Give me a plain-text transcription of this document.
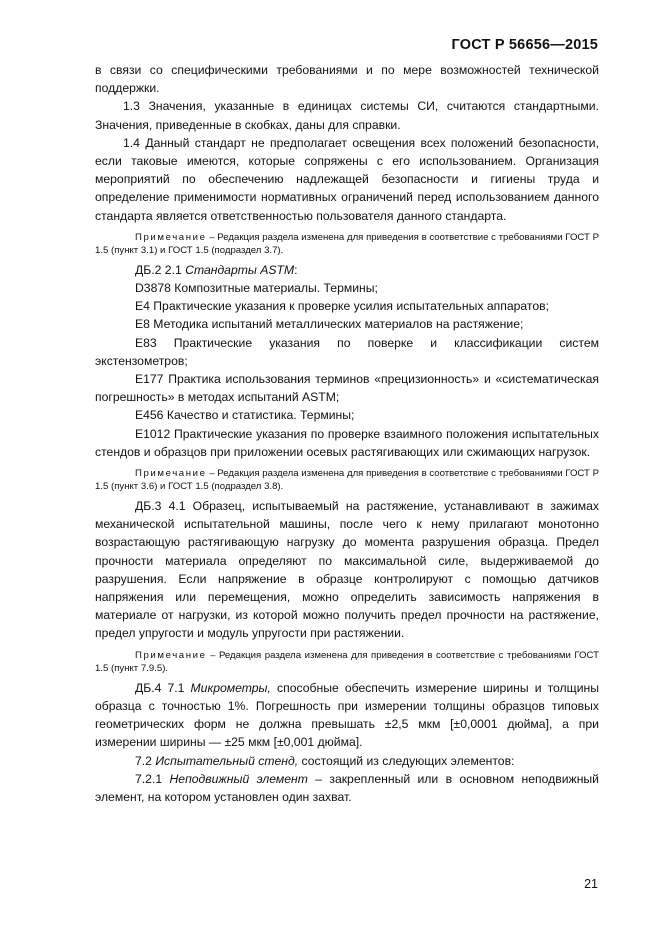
ГОСТ Р 56656—2015

в связи со специфическими требованиями и по мере возможностей технической поддержки.

1.3 Значения, указанные в единицах системы СИ, считаются стандартными. Значения, приведенные в скобках, даны для справки.

1.4 Данный стандарт не предполагает освещения всех положений безопасности, если таковые имеются, которые сопряжены с его использованием. Организация мероприятий по обеспечению надлежащей безопасности и гигиены труда и определение применимости нормативных ограничений перед использованием данного стандарта является ответственностью пользователя данного стандарта.

Примечание – Редакция раздела изменена для приведения в соответствие с требованиями ГОСТ Р 1.5 (пункт 3.1) и ГОСТ 1.5 (подраздел 3.7).

ДБ.2 2.1 Стандарты ASTM:

D3878 Композитные материалы. Термины;

Е4 Практические указания к проверке усилия испытательных аппаратов;

Е8 Методика испытаний металлических материалов на растяжение;

Е83 Практические указания по поверке и классификации систем экстензометров;

Е177 Практика использования терминов «прецизионность» и «систематическая погрешность» в методах испытаний ASTM;

Е456 Качество и статистика. Термины;

Е1012 Практические указания по проверке взаимного положения испытательных стендов и образцов при приложении осевых растягивающих или сжимающих нагрузок.

Примечание – Редакция раздела изменена для приведения в соответствие с требованиями ГОСТ Р 1.5 (пункт 3.6) и ГОСТ 1.5 (подраздел 3.8).

ДБ.3 4.1 Образец, испытываемый на растяжение, устанавливают в зажимах механической испытательной машины, после чего к нему прилагают монотонно возрастающую растягивающую нагрузку до момента разрушения образца. Предел прочности материала определяют по максимальной силе, выдерживаемой до разрушения. Если напряжение в образце контролируют с помощью датчиков напряжения или перемещения, можно определить зависимость напряжения в материале от нагрузки, из которой можно получить предел прочности на растяжение, предел упругости и модуль упругости при растяжении.

Примечание – Редакция раздела изменена для приведения в соответствие с требованиями ГОСТ 1.5 (пункт 7.9.5).

ДБ.4 7.1 Микрометры, способные обеспечить измерение ширины и толщины образца с точностью 1%. Погрешность при измерении толщины образцов типовых геометрических форм не должна превышать ±2,5 мкм [±0,0001 дюйма], а при измерении ширины — ±25 мкм [±0,001 дюйма].

7.2 Испытательный стенд, состоящий из следующих элементов:

7.2.1 Неподвижный элемент – закрепленный или в основном неподвижный элемент, на котором установлен один захват.

21
